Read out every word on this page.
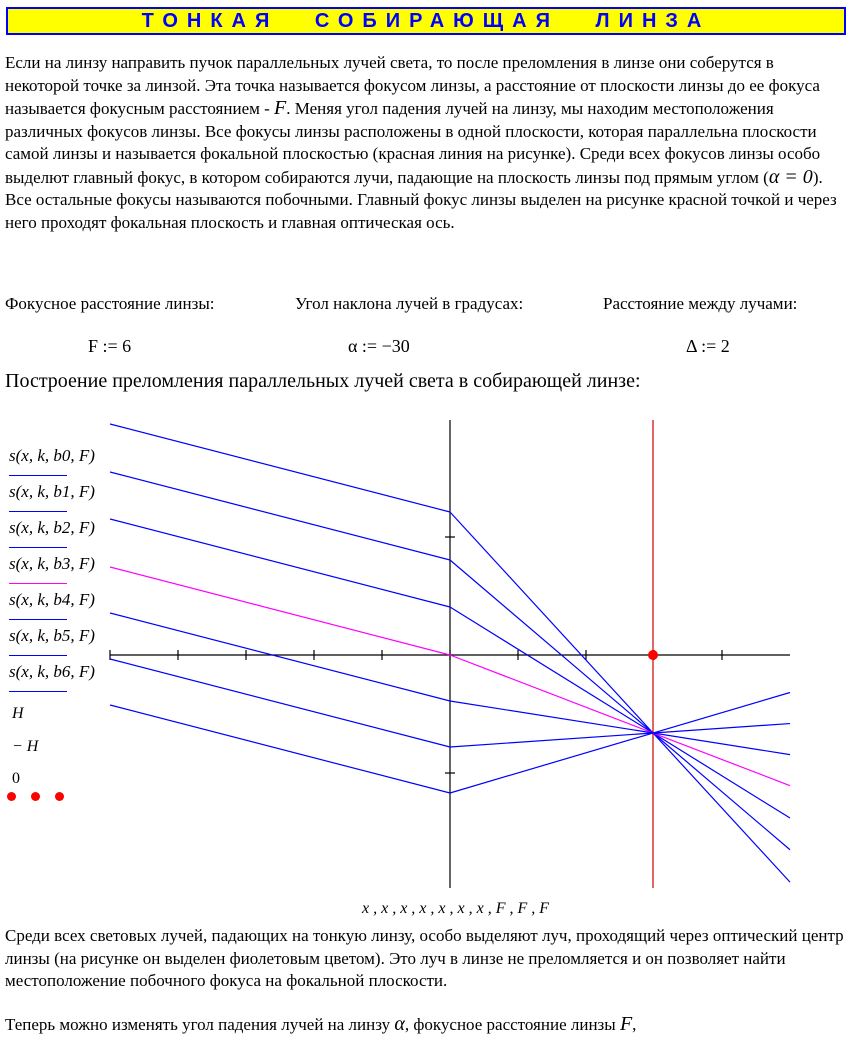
ТОНКАЯ СОБИРАЮЩАЯ ЛИНЗА
Если на линзу направить пучок параллельных лучей света, то после преломления в линзе они соберутся в некоторой точке за линзой. Эта точка называется фокусом линзы, а расстояние от плоскости линзы до ее фокуса называется фокусным расстоянием - F. Меняя угол падения лучей на линзу, мы находим местоположения различных фокусов линзы. Все фокусы линзы расположены в одной плоскости, которая параллельна плоскости самой линзы и называется фокальной плоскостью (красная линия на рисунке). Среди всех фокусов линзы особо выделют главный фокус, в котором собираются лучи, падающие на плоскость линзы под прямым углом (α = 0). Все остальные фокусы называются побочными. Главный фокус линзы выделен на рисунке красной точкой и через него проходят фокальная плоскость и главная оптическая ось.
Фокусное расстояние линзы:	Угол наклона лучей в градусах:	Расстояние между лучами:
F := 6	α := −30	Δ := 2
Построение преломления параллельных лучей света в собирающей линзе:
s(x, k, b0, F)
s(x, k, b1, F)
s(x, k, b2, F)
s(x, k, b3, F)
s(x, k, b4, F)
s(x, k, b5, F)
s(x, k, b6, F)
H
− H
0
x , x , x , x , x , x , x , F , F , F
Среди всех световых лучей, падающих на тонкую линзу, особо выделяют луч, проходящий через оптический центр линзы (на рисунке он выделен фиолетовым цветом). Это луч в линзе не преломляется и он позволяет найти местоположение побочного фокуса на фокальной плоскости.
Теперь можно изменять угол падения лучей на линзу α, фокусное расстояние линзы F,
